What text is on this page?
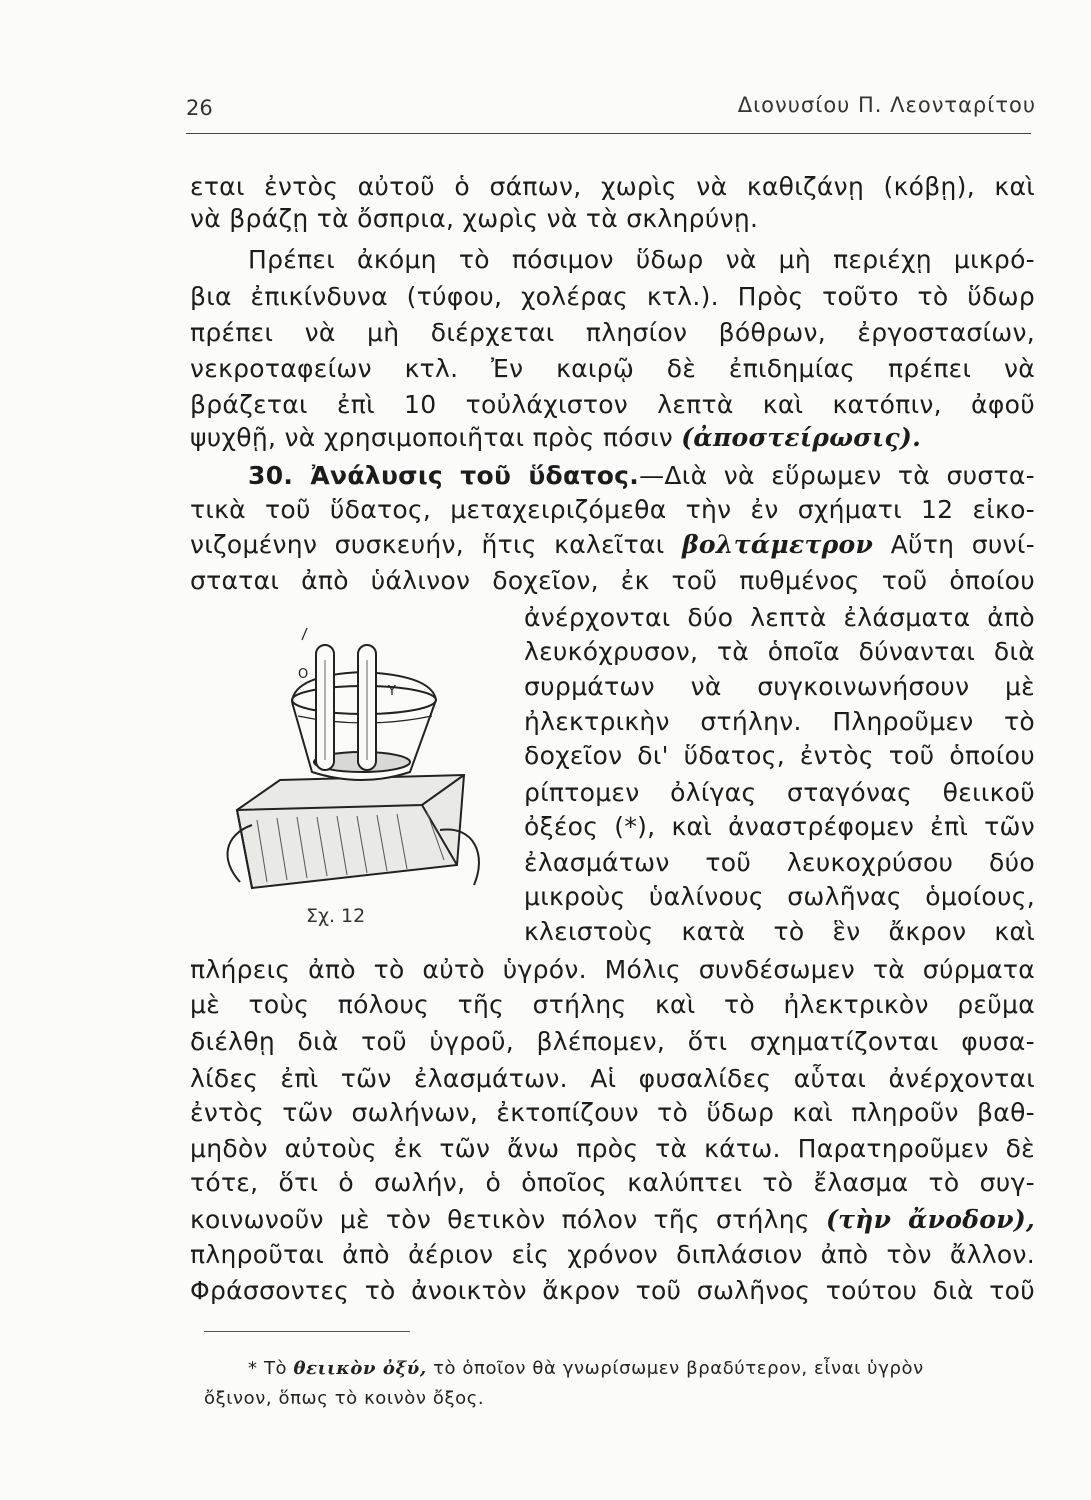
26	Διονυσίου Π. Λεονταρίτου
εται ἐντὸς αὐτοῦ ὁ σάπων, χωρὶς νὰ καθιζάνῃ (κόβῃ), καὶ
νὰ βράζῃ τὰ ὄσπρια, χωρὶς νὰ τὰ σκληρύνῃ.
Πρέπει ἀκόμη τὸ πόσιμον ὕδωρ νὰ μὴ περιέχῃ μικρό-
βια ἐπικίνδυνα (τύφου, χολέρας κτλ.). Πρὸς τοῦτο τὸ ὕδωρ
πρέπει νὰ μὴ διέρχεται πλησίον βόθρων, ἐργοστασίων,
νεκροταφείων κτλ. Ἐν καιρῷ δὲ ἐπιδημίας πρέπει νὰ
βράζεται ἐπὶ 10 τοὐλάχιστον λεπτὰ καὶ κατόπιν, ἀφοῦ
ψυχθῇ, νὰ χρησιμοποιῆται πρὸς πόσιν (ἀποστείρωσις).
30. Ἀνάλυσις τοῦ ὕδατος.—Διὰ νὰ εὕρωμεν τὰ συστα-
τικὰ τοῦ ὕδατος, μεταχειριζόμεθα τὴν ἐν σχήματι 12 εἰκο-
νιζομένην συσκευήν, ἥτις καλεῖται βολτάμετρον Αὕτη συνί-
σταται ἀπὸ ὑάλινον δοχεῖον, ἐκ τοῦ πυθμένος τοῦ ὁποίου
ἀνέρχονται δύο λεπτὰ ἐλάσματα ἀπὸ
λευκόχρυσον, τὰ ὁποῖα δύνανται διὰ
συρμάτων νὰ συγκοινωνήσουν μὲ
ἠλεκτρικὴν στήλην. Πληροῦμεν τὸ
δοχεῖον δι' ὕδατος, ἐντὸς τοῦ ὁποίου
ρίπτομεν ὀλίγας σταγόνας θειικοῦ
ὀξέος (*), καὶ ἀναστρέφομεν ἐπὶ τῶν
ἐλασμάτων τοῦ λευκοχρύσου δύο
μικροὺς ὑαλίνους σωλῆνας ὁμοίους,
κλειστοὺς κατὰ τὸ ἓν ἄκρον καὶ
O
Y
Σχ. 12
πλήρεις ἀπὸ τὸ αὐτὸ ὑγρόν. Μόλις συνδέσωμεν τὰ σύρματα
μὲ τοὺς πόλους τῆς στήλης καὶ τὸ ἠλεκτρικὸν ρεῦμα
διέλθῃ διὰ τοῦ ὑγροῦ, βλέπομεν, ὅτι σχηματίζονται φυσα-
λίδες ἐπὶ τῶν ἐλασμάτων. Αἱ φυσαλίδες αὗται ἀνέρχονται
ἐντὸς τῶν σωλήνων, ἐκτοπίζουν τὸ ὕδωρ καὶ πληροῦν βαθ-
μηδὸν αὐτοὺς ἐκ τῶν ἄνω πρὸς τὰ κάτω. Παρατηροῦμεν δὲ
τότε, ὅτι ὁ σωλήν, ὁ ὁποῖος καλύπτει τὸ ἔλασμα τὸ συγ-
κοινωνοῦν μὲ τὸν θετικὸν πόλον τῆς στήλης (τὴν ἄνοδον),
πληροῦται ἀπὸ ἀέριον εἰς χρόνον διπλάσιον ἀπὸ τὸν ἄλλον.
Φράσσοντες τὸ ἀνοικτὸν ἄκρον τοῦ σωλῆνος τούτου διὰ τοῦ
* Τὸ θειικὸν ὀξύ, τὸ ὁποῖον θὰ γνωρίσωμεν βραδύτερον, εἶναι ὑγρὸν
ὄξινον, ὅπως τὸ κοινὸν ὄξος.
